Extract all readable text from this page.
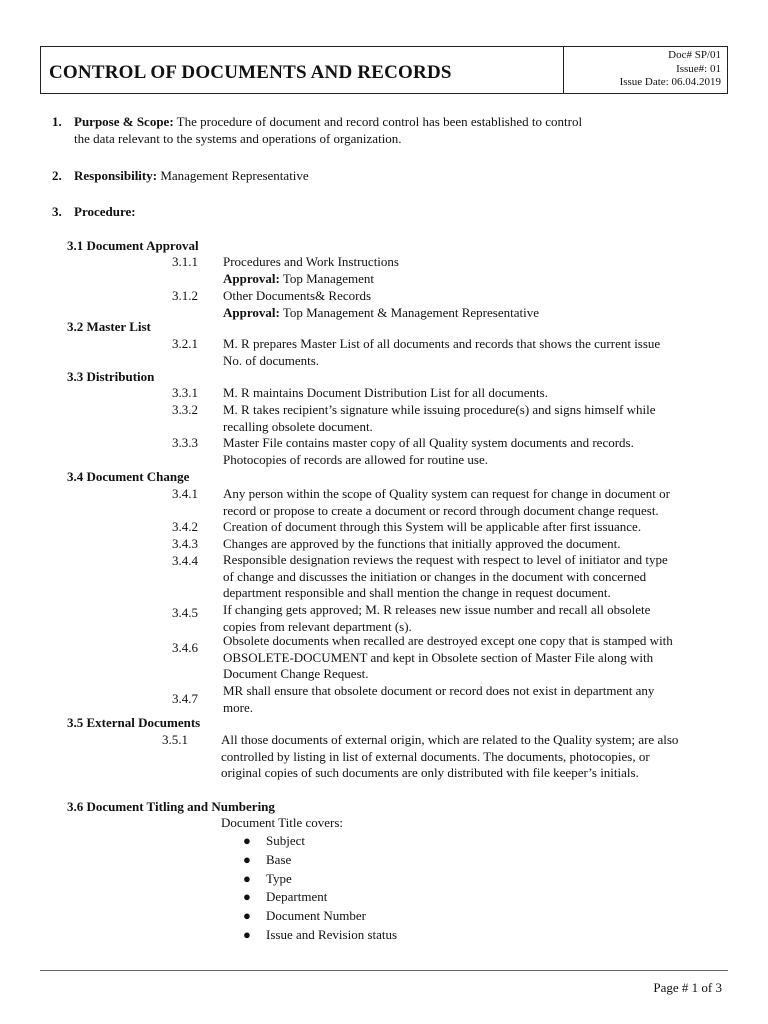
CONTROL OF DOCUMENTS AND RECORDS
Doc# SP/01
Issue#: 01
Issue Date: 06.04.2019
1. Purpose & Scope: The procedure of document and record control has been established to control
the data relevant to the systems and operations of organization.
2. Responsibility: Management Representative
3. Procedure:
3.1 Document Approval
3.1.1 Procedures and Work Instructions
Approval: Top Management
3.1.2 Other Documents& Records
Approval: Top Management & Management Representative
3.2 Master List
3.2.1 M. R prepares Master List of all documents and records that shows the current issue
No. of documents.
3.3 Distribution
3.3.1 M. R maintains Document Distribution List for all documents.
3.3.2 M. R takes recipient’s signature while issuing procedure(s) and signs himself while
recalling obsolete document.
3.3.3 Master File contains master copy of all Quality system documents and records.
Photocopies of records are allowed for routine use.
3.4 Document Change
3.4.1 Any person within the scope of Quality system can request for change in document or
record or propose to create a document or record through document change request.
3.4.2 Creation of document through this System will be applicable after first issuance.
3.4.3 Changes are approved by the functions that initially approved the document.
3.4.4 Responsible designation reviews the request with respect to level of initiator and type
of change and discusses the initiation or changes in the document with concerned
department responsible and shall mention the change in request document.
3.4.5 If changing gets approved; M. R releases new issue number and recall all obsolete
copies from relevant department (s).
3.4.6 Obsolete documents when recalled are destroyed except one copy that is stamped with
OBSOLETE-DOCUMENT and kept in Obsolete section of Master File along with
Document Change Request.
3.4.7
MR shall ensure that obsolete document or record does not exist in department any
more.
3.5 External Documents
3.5.1	All those documents of external origin, which are related to the Quality system; are also
controlled by listing in list of external documents. The documents, photocopies, or
original copies of such documents are only distributed with file keeper’s initials.
3.6 Document Titling and Numbering
Document Title covers:
● Subject
● Base
● Type
● Department
● Document Number
● Issue and Revision status
Page # 1 of 3
